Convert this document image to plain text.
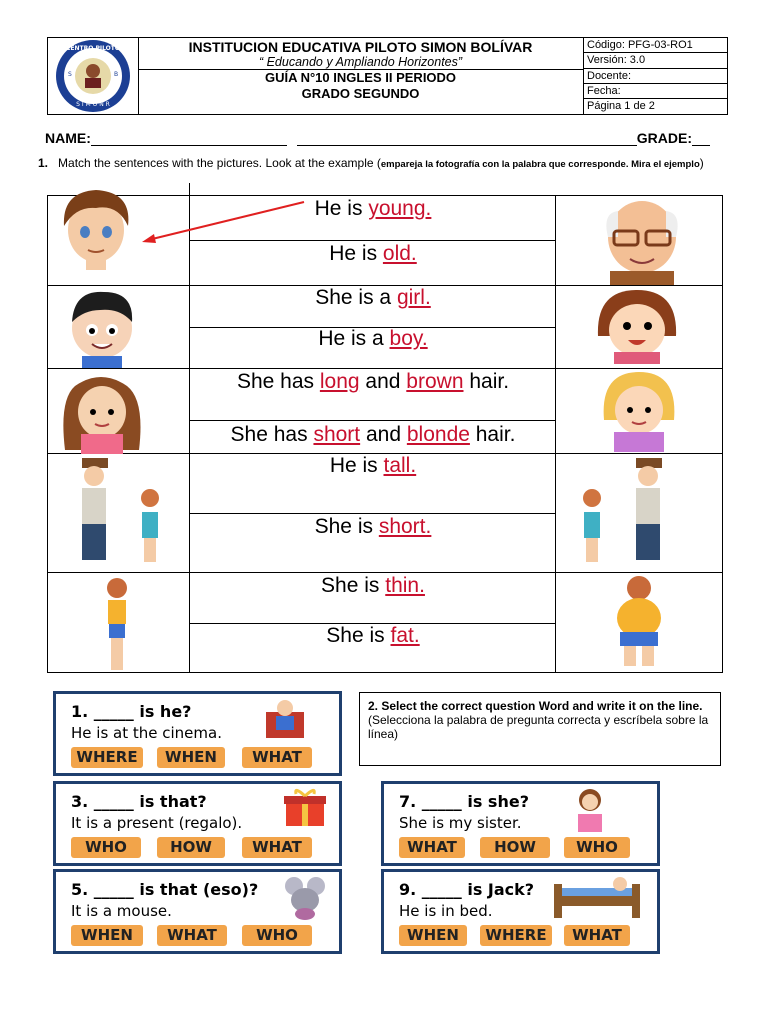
CENTRO PILOTO
S	B
S I M O N R
INSTITUCION EDUCATIVA PILOTO SIMON BOLÍVAR
“ Educando y Ampliando Horizontes”
GUÍA N°10 INGLES II PERIODO
GRADO SEGUNDO
Código: PFG-03-RO1
Versión: 3.0
Docente:
Fecha:
Página 1 de 2
NAME:	GRADE:
1. Match the sentences with the pictures. Look at the example (empareja la fotografía con la palabra que corresponde. Mira el ejemplo)
He is young.
He is old.
She is a girl.
He is a boy.
She has long and brown hair.
She has short and blonde hair.
He is tall.
She is short.
She is thin.
She is fat.
2. Select the correct question Word and write it on the line. (Selecciona la palabra de pregunta correcta y escríbela sobre la línea)
1. _____ is he?
He is at the cinema.
WHERE	WHEN	WHAT
3. _____ is that?
It is a present (regalo).
WHO	HOW	WHAT
5. _____ is that (eso)?
It is a mouse.
WHEN	WHAT	WHO
7. _____ is she?
She is my sister.
WHAT	HOW	WHO
9. _____ is Jack?
He is in bed.
WHEN	WHERE	WHAT
